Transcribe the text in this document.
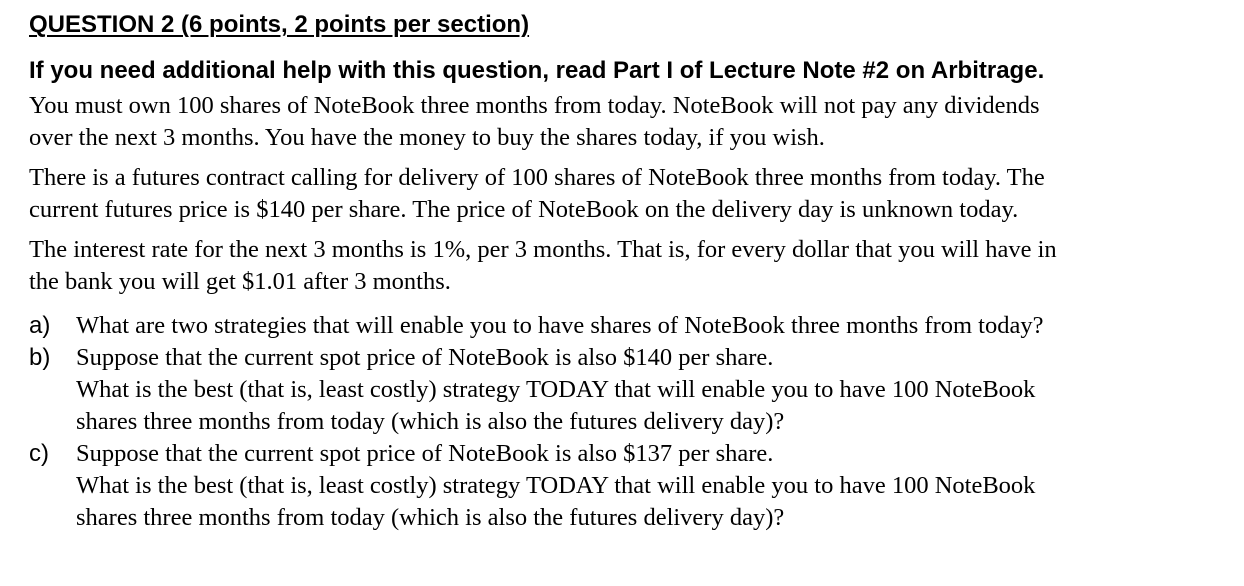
QUESTION 2 (6 points, 2 points per section)

If you need additional help with this question, read Part I of Lecture Note #2 on Arbitrage.

You must own 100 shares of NoteBook three months from today. NoteBook will not pay any dividends
over the next 3 months. You have the money to buy the shares today, if you wish.

There is a futures contract calling for delivery of 100 shares of NoteBook three months from today. The
current futures price is $140 per share. The price of NoteBook on the delivery day is unknown today.

The interest rate for the next 3 months is 1%, per 3 months. That is, for every dollar that you will have in
the bank you will get $1.01 after 3 months.

a)	What are two strategies that will enable you to have shares of NoteBook three months from today?
b)	Suppose that the current spot price of NoteBook is also $140 per share.
What is the best (that is, least costly) strategy TODAY that will enable you to have 100 NoteBook
shares three months from today (which is also the futures delivery day)?
c)	Suppose that the current spot price of NoteBook is also $137 per share.
What is the best (that is, least costly) strategy TODAY that will enable you to have 100 NoteBook
shares three months from today (which is also the futures delivery day)?
